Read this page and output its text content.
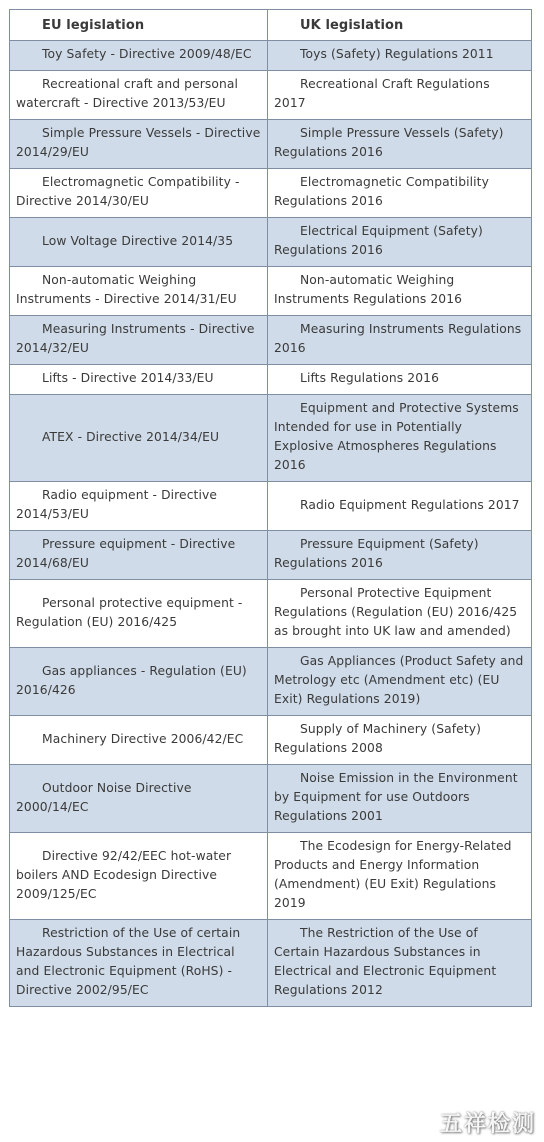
EU legislation	UK legislation

Toy Safety - Directive 2009/48/EC	Toys (Safety) Regulations 2011

Recreational craft and personal watercraft - Directive 2013/53/EU	Recreational Craft Regulations 2017

Simple Pressure Vessels - Directive 2014/29/EU	Simple Pressure Vessels (Safety) Regulations 2016

Electromagnetic Compatibility - Directive 2014/30/EU	Electromagnetic Compatibility Regulations 2016

Low Voltage Directive 2014/35	Electrical Equipment (Safety) Regulations 2016

Non-automatic Weighing Instruments - Directive 2014/31/EU	Non-automatic Weighing Instruments Regulations 2016

Measuring Instruments - Directive 2014/32/EU	Measuring Instruments Regulations 2016

Lifts - Directive 2014/33/EU	Lifts Regulations 2016

ATEX - Directive 2014/34/EU	Equipment and Protective Systems Intended for use in Potentially Explosive Atmospheres Regulations 2016

Radio equipment - Directive 2014/53/EU	Radio Equipment Regulations 2017

Pressure equipment - Directive 2014/68/EU	Pressure Equipment (Safety) Regulations 2016

Personal protective equipment - Regulation (EU) 2016/425	Personal Protective Equipment Regulations (Regulation (EU) 2016/425 as brought into UK law and amended)

Gas appliances - Regulation (EU) 2016/426	Gas Appliances (Product Safety and Metrology etc (Amendment etc) (EU Exit) Regulations 2019)

Machinery Directive 2006/42/EC	Supply of Machinery (Safety) Regulations 2008

Outdoor Noise Directive 2000/14/EC	Noise Emission in the Environment by Equipment for use Outdoors Regulations 2001

Directive 92/42/EEC hot-water boilers AND Ecodesign Directive 2009/125/EC	The Ecodesign for Energy-Related Products and Energy Information (Amendment) (EU Exit) Regulations 2019

Restriction of the Use of certain Hazardous Substances in Electrical and Electronic Equipment (RoHS) - Directive 2002/95/EC	The Restriction of the Use of Certain Hazardous Substances in Electrical and Electronic Equipment Regulations 2012
五祥检测
